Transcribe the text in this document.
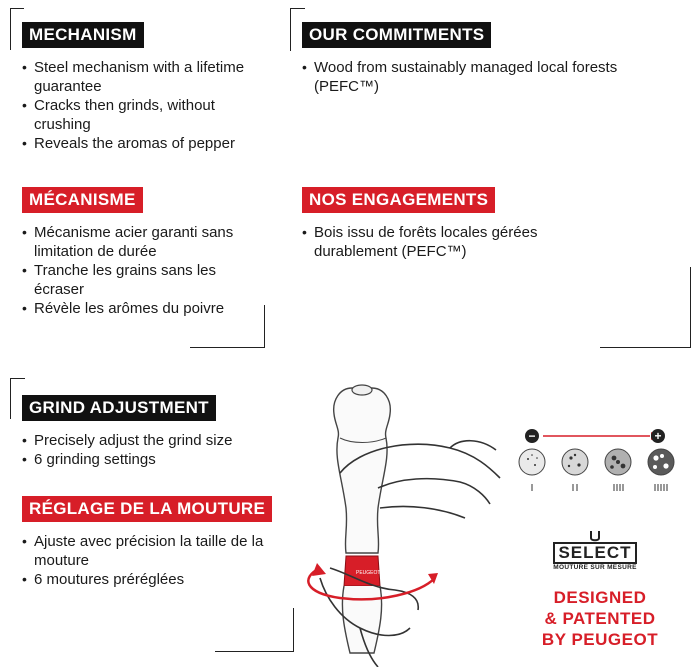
MECHANISM
• Steel mechanism with a lifetime guarantee
• Cracks then grinds, without crushing
• Reveals the aromas of pepper
MÉCANISME
• Mécanisme acier garanti sans limitation de durée
• Tranche les grains sans les écraser
• Révèle les arômes du poivre
OUR COMMITMENTS
• Wood from sustainably managed local forests (PEFC™)
NOS ENGAGEMENTS
• Bois issu de forêts locales gérées durablement (PEFC™)
GRIND ADJUSTMENT
• Precisely adjust the grind size
• 6 grinding settings
RÉGLAGE DE LA MOUTURE
• Ajuste avec précision la taille de la mouture
• 6 moutures préréglées	PEUGEOT
−	+
SELECT
MOUTURE SUR MESURE
DESIGNED
& PATENTED
BY PEUGEOT
